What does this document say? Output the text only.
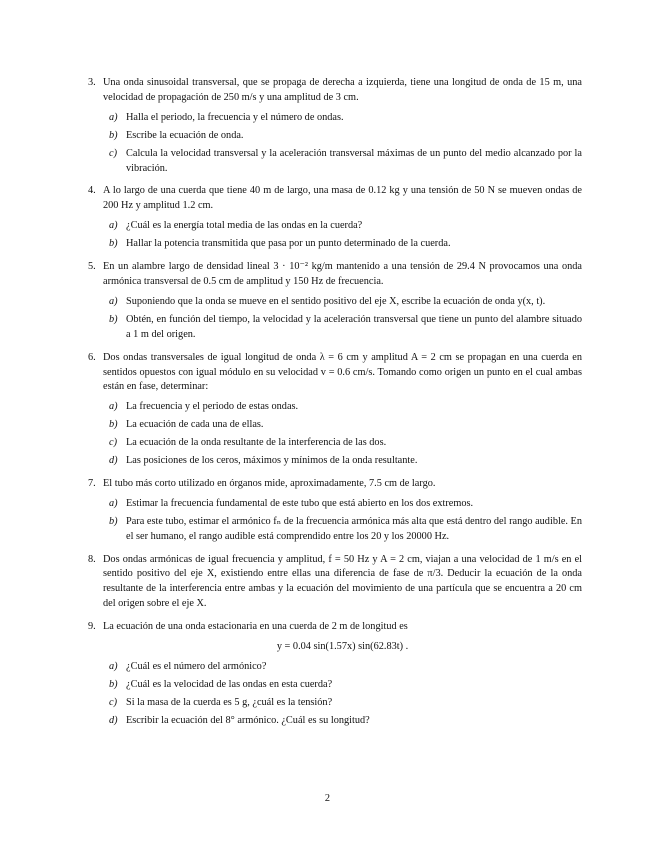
3. Una onda sinusoidal transversal, que se propaga de derecha a izquierda, tiene una longitud de onda de 15 m, una velocidad de propagación de 250 m/s y una amplitud de 3 cm.
a) Halla el periodo, la frecuencia y el número de ondas.
b) Escribe la ecuación de onda.
c) Calcula la velocidad transversal y la aceleración transversal máximas de un punto del medio alcanzado por la vibración.
4. A lo largo de una cuerda que tiene 40 m de largo, una masa de 0.12 kg y una tensión de 50 N se mueven ondas de 200 Hz y amplitud 1.2 cm.
a) ¿Cuál es la energía total media de las ondas en la cuerda?
b) Hallar la potencia transmitida que pasa por un punto determinado de la cuerda.
5. En un alambre largo de densidad lineal 3 · 10⁻² kg/m mantenido a una tensión de 29.4 N provocamos una onda armónica transversal de 0.5 cm de amplitud y 150 Hz de frecuencia.
a) Suponiendo que la onda se mueve en el sentido positivo del eje X, escribe la ecuación de onda y(x, t).
b) Obtén, en función del tiempo, la velocidad y la aceleración transversal que tiene un punto del alambre situado a 1 m del origen.
6. Dos ondas transversales de igual longitud de onda λ = 6 cm y amplitud A = 2 cm se propagan en una cuerda en sentidos opuestos con igual módulo en su velocidad v = 0.6 cm/s. Tomando como origen un punto en el cual ambas están en fase, determinar:
a) La frecuencia y el periodo de estas ondas.
b) La ecuación de cada una de ellas.
c) La ecuación de la onda resultante de la interferencia de las dos.
d) Las posiciones de los ceros, máximos y mínimos de la onda resultante.
7. El tubo más corto utilizado en órganos mide, aproximadamente, 7.5 cm de largo.
a) Estimar la frecuencia fundamental de este tubo que está abierto en los dos extremos.
b) Para este tubo, estimar el armónico fₙ de la frecuencia armónica más alta que está dentro del rango audible. En el ser humano, el rango audible está comprendido entre los 20 y los 20000 Hz.
8. Dos ondas armónicas de igual frecuencia y amplitud, f = 50 Hz y A = 2 cm, viajan a una velocidad de 1 m/s en el sentido positivo del eje X, existiendo entre ellas una diferencia de fase de π/3. Deducir la ecuación de la onda resultante de la interferencia entre ambas y la ecuación del movimiento de una partícula que se encuentra a 20 cm del origen sobre el eje X.
9. La ecuación de una onda estacionaria en una cuerda de 2 m de longitud es
y = 0.04 sin(1.57x) sin(62.83t) .
a) ¿Cuál es el número del armónico?
b) ¿Cuál es la velocidad de las ondas en esta cuerda?
c) Si la masa de la cuerda es 5 g, ¿cuál es la tensión?
d) Escribir la ecuación del 8° armónico. ¿Cuál es su longitud?
2
